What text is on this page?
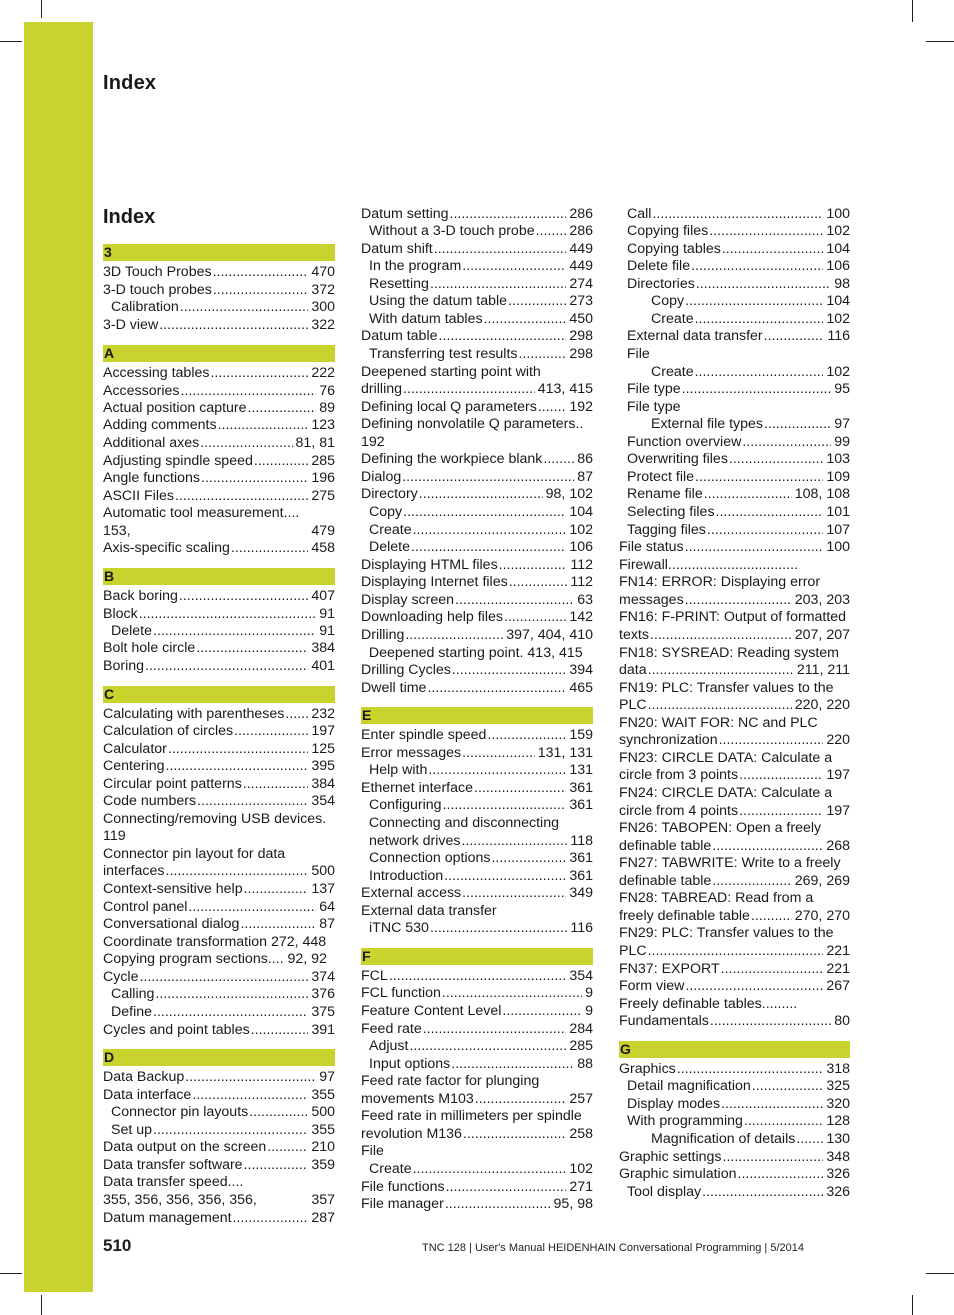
Index
Index
3
3D Touch Probes .....	470
3-D touch probes .....	372
Calibration .....	300
3-D view .....	322
A
Accessing tables .....	222
Accessories .....	76
Actual position capture .....	89
Adding comments .....	123
Additional axes .....	81, 81
Adjusting spindle speed .....	285
Angle functions .....	196
ASCII Files .....	275
Automatic tool measurement....
153,	479
Axis-specific scaling .....	458
B
Back boring .....	407
Block .....	91
Delete .....	91
Bolt hole circle .....	384
Boring .....	401
C
Calculating with parentheses ..... 232
Calculation of circles .....	197
Calculator .....	125
Centering .....	395
Circular point patterns .....	384
Code numbers .....	354
Connecting/removing USB devices.
119
Connector pin layout for data
interfaces .....	500
Context-sensitive help .....	137
Control panel .....	64
Conversational dialog .....	87
Coordinate transformation 272, 448
Copying program sections.... 92, 92
Cycle .....	374
Calling .....	376
Define .....	375
Cycles and point tables .....	391
D
Data Backup .....	97
Data interface .....	355
Connector pin layouts .....	500
Set up .....	355
Data output on the screen .....	210
Data transfer software .....	359
Data transfer speed....
355, 356, 356, 356, 356,	357
Datum management .....	287
Datum setting .....	286
Without a 3-D touch probe ..... 286
Datum shift .....	449
In the program .....	449
Resetting .....	274
Using the datum table .....	273
With datum tables .....	450
Datum table .....	298
Transferring test results .....	298
Deepened starting point with
drilling .....	413, 415
Defining local Q parameters ..... 192
Defining nonvolatile Q parameters..
192
Defining the workpiece blank ..... 86
Dialog .....	87
Directory .....	98, 102
Copy .....	104
Create .....	102
Delete .....	106
Displaying HTML files .....	112
Displaying Internet files .....	112
Display screen .....	63
Downloading help files .....	142
Drilling .....	397, 404, 410
Deepened starting point. 413, 415
Drilling Cycles .....	394
Dwell time .....	465
E
Enter spindle speed .....	159
Error messages .....	131, 131
Help with .....	131
Ethernet interface .....	361
Configuring .....	361
Connecting and disconnecting
network drives .....	118
Connection options .....	361
Introduction .....	361
External access .....	349
External data transfer
iTNC 530 .....	116
F
FCL .....	354
FCL function .....	9
Feature Content Level .....	9
Feed rate .....	284
Adjust .....	285
Input options .....	88
Feed rate factor for plunging
movements M103 .....	257
Feed rate in millimeters per spindle
revolution M136 .....	258
File
Create .....	102
File functions .....	271
File manager .....	95, 98
Call .....	100
Copying files .....	102
Copying tables .....	104
Delete file .....	106
Directories .....	98
Copy .....	104
Create .....	102
External data transfer .....	116
File
Create .....	102
File type .....	95
File type
External file types .....	97
Function overview .....	99
Overwriting files .....	103
Protect file .....	109
Rename file .....	108, 108
Selecting files .....	101
Tagging files .....	107
File status .....	100
Firewall.................................
FN14: ERROR: Displaying error
messages .....	203, 203
FN16: F-PRINT: Output of formatted
texts .....	207, 207
FN18: SYSREAD: Reading system
data .....	211, 211
FN19: PLC: Transfer values to the
PLC .....	220, 220
FN20: WAIT FOR: NC and PLC
synchronization .....	220
FN23: CIRCLE DATA: Calculate a
circle from 3 points .....	197
FN24: CIRCLE DATA: Calculate a
circle from 4 points .....	197
FN26: TABOPEN: Open a freely
definable table .....	268
FN27: TABWRITE: Write to a freely
definable table .....	269, 269
FN28: TABREAD: Read from a
freely definable table .....	270, 270
FN29: PLC: Transfer values to the
PLC .....	221
FN37: EXPORT .....	221
Form view .....	267
Freely definable tables.........
Fundamentals .....	80
G
Graphics .....	318
Detail magnification .....	325
Display modes .....	320
With programming .....	128
Magnification of details ..... 130
Graphic settings .....	348
Graphic simulation .....	326
Tool display .....	326
510	TNC 128 | User's Manual HEIDENHAIN Conversational Programming | 5/2014
